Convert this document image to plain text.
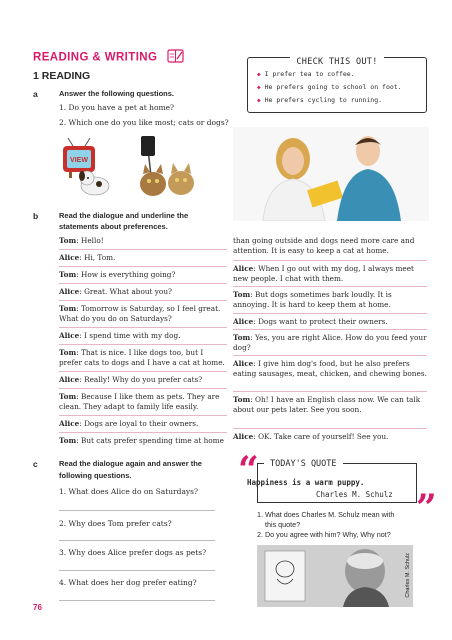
READING & WRITING
1 READING
a	Answer the following questions.
1. Do you have a pet at home?
2. Which one do you like most; cats or dogs?
CHECK THIS OUT!
◆ I prefer tea to coffee.
◆ He prefers going to school on foot.
◆ He prefers cycling to running.
VIEW
b	Read the dialogue and underline the
statements about preferences.
Tom: Hello!
Alice: Hi, Tom.
Tom: How is everything going?
Alice: Great. What about you?
Tom: Tomorrow is Saturday, so I feel great. What do you do on Saturdays?
Alice: I spend time with my dog.
Tom: That is nice. I like dogs too, but I prefer cats to dogs and I have a cat at home.
Alice: Really! Why do you prefer cats?
Tom: Because I like them as pets. They are clean. They adapt to family life easily.
Alice: Dogs are loyal to their owners.
Tom: But cats prefer spending time at home
than going outside and dogs need more care and attention. It is easy to keep a cat at home.
Alice: When I go out with my dog, I always meet new people. I chat with them.
Tom: But dogs sometimes bark loudly. It is annoying. It is hard to keep them at home.
Alice: Dogs want to protect their owners.
Tom: Yes, you are right Alice. How do you feed your dog?
Alice: I give him dog's food, but he also prefers eating sausages, meat, chicken, and chewing bones.
Tom: Oh! I have an English class now. We can talk about our pets later. See you soon.
Alice: OK. Take care of yourself! See you.
c	Read the dialogue again and answer the
following questions.
1. What does Alice do on Saturdays?
2. Why does Tom prefer cats?
3. Why does Alice prefer dogs as pets?
4. What does her dog prefer eating?
“
”
TODAY'S QUOTE
Happiness is a warm puppy.
Charles M. Schulz
1. What does Charles M. Schulz mean with
this quote?
2. Do you agree with him? Why, Why not?
Charles M. Schulz
76
